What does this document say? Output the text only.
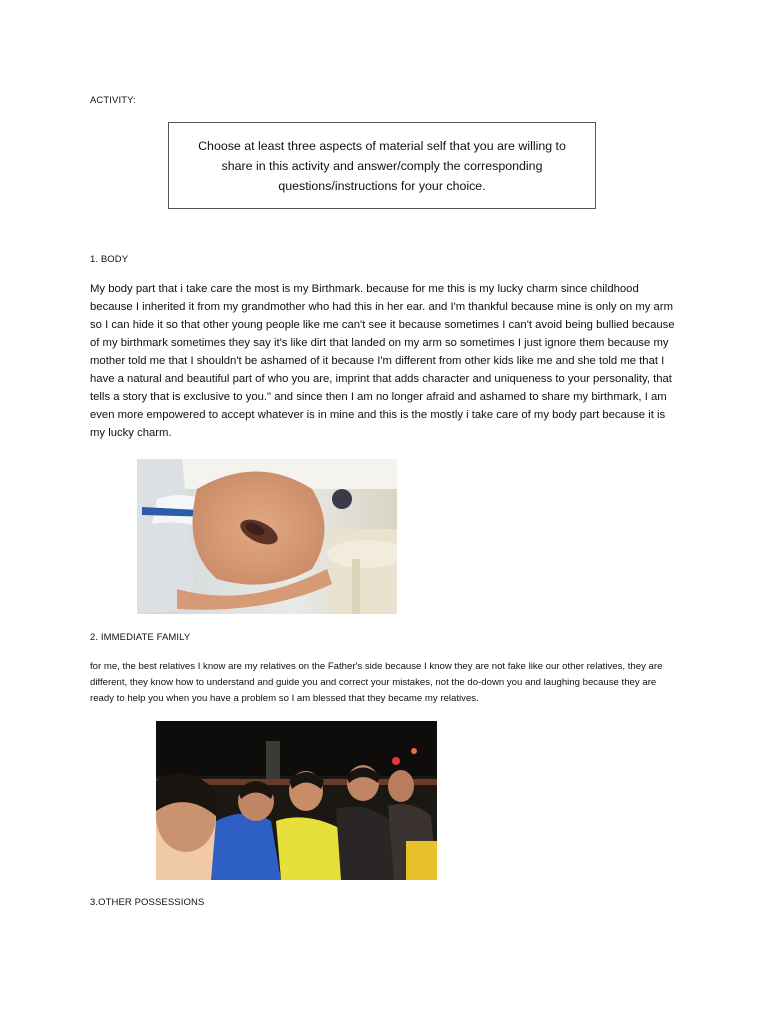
ACTIVITY:
Choose at least three aspects of material self that you are willing to share in this activity and answer/comply the corresponding questions/instructions for your choice.
1. BODY
My body part that i take care the most is my Birthmark. because for me this is my lucky charm since childhood because I inherited it from my grandmother who had this in her ear. and I'm thankful because mine is only on my arm so I can hide it so that other young people like me can't see it because sometimes I can't avoid being bullied because of my birthmark sometimes they say it's like dirt that landed on my arm so sometimes I just ignore them because my mother told me that I shouldn't be ashamed of it because I'm different from other kids like me and she told me that I have a natural and beautiful part of who you are, imprint that adds character and uniqueness to your personality, that tells a story that is exclusive to you." and since then I am no longer afraid and ashamed to share my birthmark, I am even more empowered to accept whatever is in mine and this is the mostly i take care of my body part because it is my lucky charm.
2. IMMEDIATE FAMILY
for me, the best relatives I know are my relatives on the Father's side because I know they are not fake like our other relatives, they are different, they know how to understand and guide you and correct your mistakes, not the do-down you and laughing because they are ready to help you when you have a problem so I am blessed that they became my relatives.
3.OTHER POSSESSIONS
